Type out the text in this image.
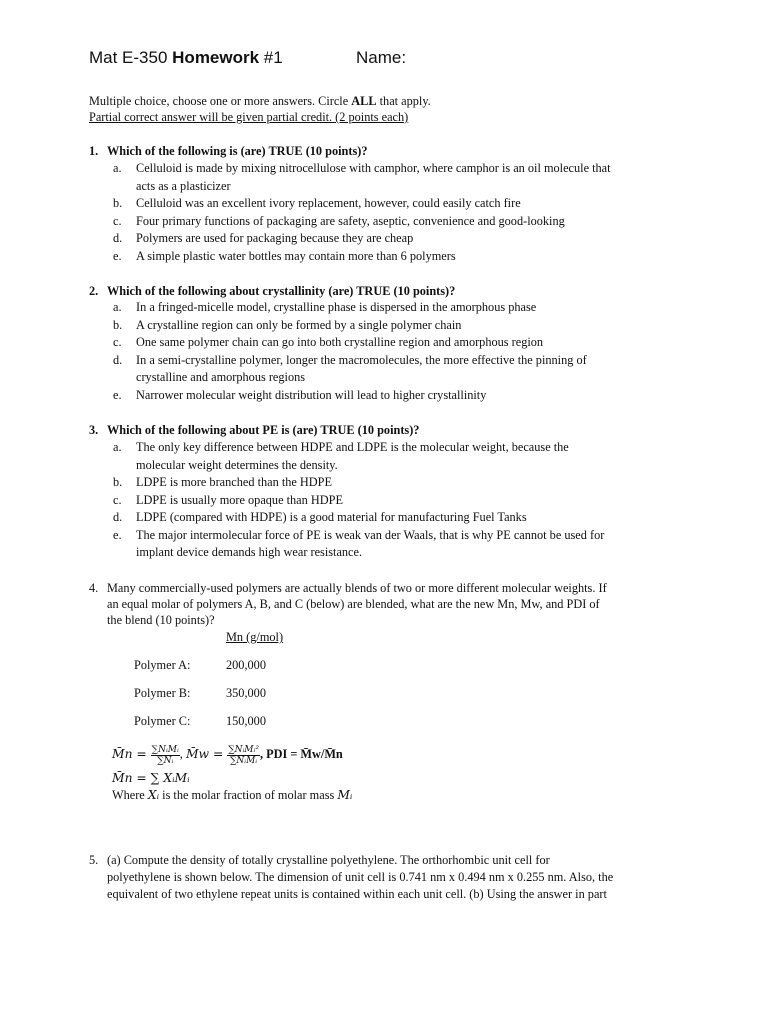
Mat E-350 Homework #1	Name:
Multiple choice, choose one or more answers. Circle ALL that apply.
Partial correct answer will be given partial credit. (2 points each)
1. Which of the following is (are) TRUE (10 points)?
a. Celluloid is made by mixing nitrocellulose with camphor, where camphor is an oil molecule that
acts as a plasticizer
b. Celluloid was an excellent ivory replacement, however, could easily catch fire
c. Four primary functions of packaging are safety, aseptic, convenience and good-looking
d. Polymers are used for packaging because they are cheap
e. A simple plastic water bottles may contain more than 6 polymers
2. Which of the following about crystallinity (are) TRUE (10 points)?
a. In a fringed-micelle model, crystalline phase is dispersed in the amorphous phase
b. A crystalline region can only be formed by a single polymer chain
c. One same polymer chain can go into both crystalline region and amorphous region
d. In a semi-crystalline polymer, longer the macromolecules, the more effective the pinning of
crystalline and amorphous regions
e. Narrower molecular weight distribution will lead to higher crystallinity
3. Which of the following about PE is (are) TRUE (10 points)?
a. The only key difference between HDPE and LDPE is the molecular weight, because the
molecular weight determines the density.
b. LDPE is more branched than the HDPE
c. LDPE is usually more opaque than HDPE
d. LDPE (compared with HDPE) is a good material for manufacturing Fuel Tanks
e. The major intermolecular force of PE is weak van der Waals, that is why PE cannot be used for
implant device demands high wear resistance.
4. Many commercially-used polymers are actually blends of two or more different molecular weights. If
an equal molar of polymers A, B, and C (below) are blended, what are the new Mn, Mw, and PDI of
the blend (10 points)?
Mn (g/mol)
Polymer A:	200,000
Polymer B:	350,000
Polymer C:	150,000
M̄n = $\frac{\text{∑NᵢMᵢ}}{\text{∑Nᵢ}}$ , M̄w = $\frac{\text{∑NᵢMᵢ²}}{\text{∑NᵢMᵢ}}$ , PDI = M̄w/M̄n
M̄n = ∑ XᵢMᵢ
Where Xᵢ is the molar fraction of molar mass Mᵢ
5. (a) Compute the density of totally crystalline polyethylene. The orthorhombic unit cell for
polyethylene is shown below. The dimension of unit cell is 0.741 nm x 0.494 nm x 0.255 nm. Also, the
equivalent of two ethylene repeat units is contained within each unit cell. (b) Using the answer in part
